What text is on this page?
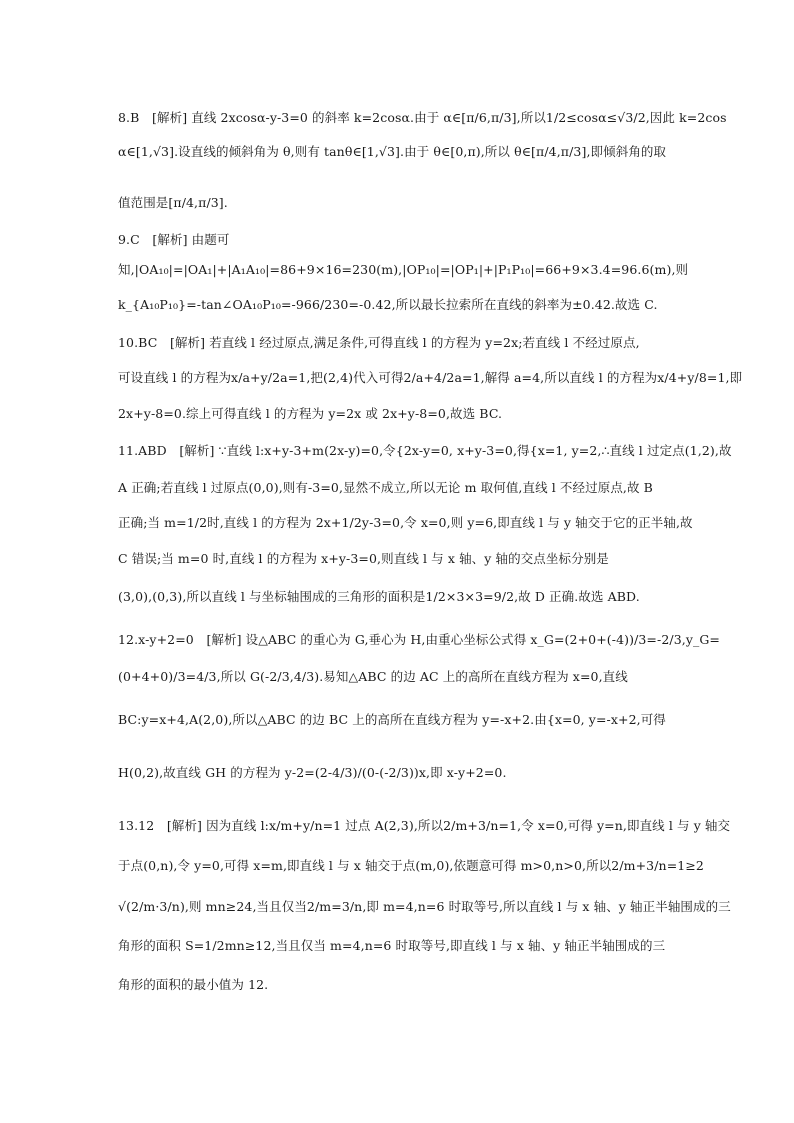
8.B　[解析] 直线 2xcosα-y-3=0 的斜率 k=2cosα.由于 α∈[π/6,π/3],所以1/2≤cosα≤√3/2,因此 k=2cos
α∈[1,√3].设直线的倾斜角为 θ,则有 tanθ∈[1,√3].由于 θ∈[0,π),所以 θ∈[π/4,π/3],即倾斜角的取
值范围是[π/4,π/3].
9.C　[解析] 由题可
知,|OA₁₀|=|OA₁|+|A₁A₁₀|=86+9×16=230(m),|OP₁₀|=|OP₁|+|P₁P₁₀|=66+9×3.4=96.6(m),则
k_{A₁₀P₁₀}=-tan∠OA₁₀P₁₀=-966/230=-0.42,所以最长拉索所在直线的斜率为±0.42.故选 C.
10.BC　[解析] 若直线 l 经过原点,满足条件,可得直线 l 的方程为 y=2x;若直线 l 不经过原点,
可设直线 l 的方程为x/a+y/2a=1,把(2,4)代入可得2/a+4/2a=1,解得 a=4,所以直线 l 的方程为x/4+y/8=1,即
2x+y-8=0.综上可得直线 l 的方程为 y=2x 或 2x+y-8=0,故选 BC.
11.ABD　[解析] ∵直线 l:x+y-3+m(2x-y)=0,令{2x-y=0, x+y-3=0,得{x=1, y=2,∴直线 l 过定点(1,2),故
A 正确;若直线 l 过原点(0,0),则有-3=0,显然不成立,所以无论 m 取何值,直线 l 不经过原点,故 B
正确;当 m=1/2时,直线 l 的方程为 2x+1/2y-3=0,令 x=0,则 y=6,即直线 l 与 y 轴交于它的正半轴,故
C 错误;当 m=0 时,直线 l 的方程为 x+y-3=0,则直线 l 与 x 轴、y 轴的交点坐标分别是
(3,0),(0,3),所以直线 l 与坐标轴围成的三角形的面积是1/2×3×3=9/2,故 D 正确.故选 ABD.
12.x-y+2=0　[解析] 设△ABC 的重心为 G,垂心为 H,由重心坐标公式得 x_G=(2+0+(-4))/3=-2/3,y_G=
(0+4+0)/3=4/3,所以 G(-2/3,4/3).易知△ABC 的边 AC 上的高所在直线方程为 x=0,直线
BC:y=x+4,A(2,0),所以△ABC 的边 BC 上的高所在直线方程为 y=-x+2.由{x=0, y=-x+2,可得
H(0,2),故直线 GH 的方程为 y-2=(2-4/3)/(0-(-2/3))x,即 x-y+2=0.
13.12　[解析] 因为直线 l:x/m+y/n=1 过点 A(2,3),所以2/m+3/n=1,令 x=0,可得 y=n,即直线 l 与 y 轴交
于点(0,n),令 y=0,可得 x=m,即直线 l 与 x 轴交于点(m,0),依题意可得 m>0,n>0,所以2/m+3/n=1≥2
√(2/m·3/n),则 mn≥24,当且仅当2/m=3/n,即 m=4,n=6 时取等号,所以直线 l 与 x 轴、y 轴正半轴围成的三
角形的面积 S=1/2mn≥12,当且仅当 m=4,n=6 时取等号,即直线 l 与 x 轴、y 轴正半轴围成的三
角形的面积的最小值为 12.
